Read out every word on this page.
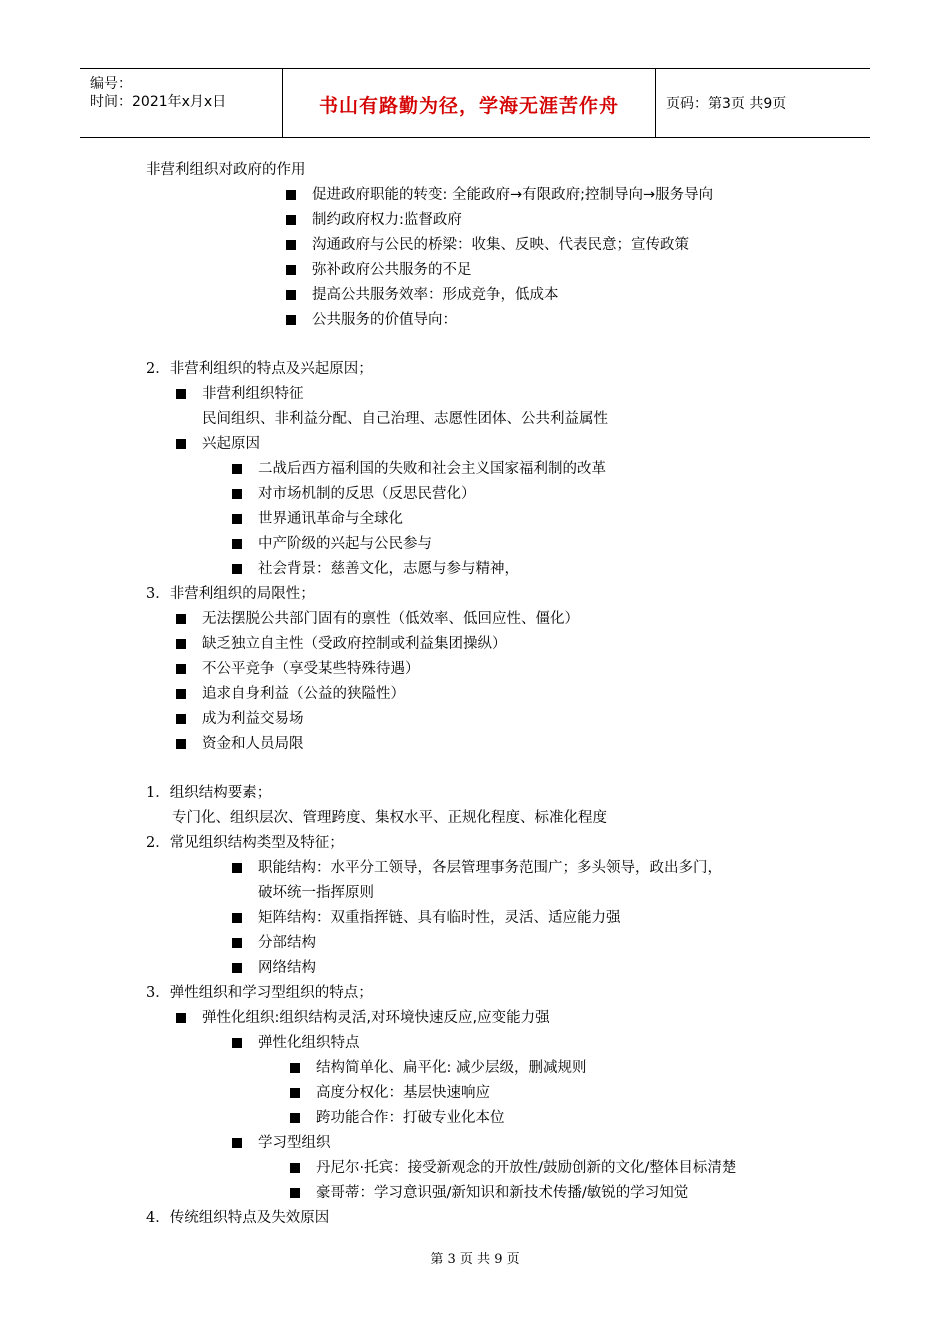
编号：
时间：2021年x月x日	书山有路勤为径，学海无涯苦作舟	页码：第3页 共9页
非营利组织对政府的作用
促进政府职能的转变: 全能政府→有限政府;控制导向→服务导向
制约政府权力:监督政府
沟通政府与公民的桥梁：收集、反映、代表民意；宣传政策
弥补政府公共服务的不足
提高公共服务效率：形成竞争，低成本
公共服务的价值导向：
2．非营利组织的特点及兴起原因；
非营利组织特征
民间组织、非利益分配、自己治理、志愿性团体、公共利益属性
兴起原因
二战后西方福利国的失败和社会主义国家福利制的改革
对市场机制的反思（反思民营化）
世界通讯革命与全球化
中产阶级的兴起与公民参与
社会背景：慈善文化，志愿与参与精神，
3．非营利组织的局限性；
无法摆脱公共部门固有的禀性（低效率、低回应性、僵化）
缺乏独立自主性（受政府控制或利益集团操纵）
不公平竞争（享受某些特殊待遇）
追求自身利益（公益的狭隘性）
成为利益交易场
资金和人员局限
1．组织结构要素；
专门化、组织层次、管理跨度、集权水平、正规化程度、标准化程度
2．常见组织结构类型及特征；
职能结构：水平分工领导，各层管理事务范围广；多头领导，政出多门，
破坏统一指挥原则
矩阵结构：双重指挥链、具有临时性，灵活、适应能力强
分部结构
网络结构
3．弹性组织和学习型组织的特点；
弹性化组织:组织结构灵活,对环境快速反应,应变能力强
弹性化组织特点
结构简单化、扁平化: 减少层级，删减规则
高度分权化：基层快速响应
跨功能合作：打破专业化本位
学习型组织
丹尼尔·托宾：接受新观念的开放性/鼓励创新的文化/整体目标清楚
豪哥蒂：学习意识强/新知识和新技术传播/敏锐的学习知觉
4．传统组织特点及失效原因
第 3 页 共 9 页
